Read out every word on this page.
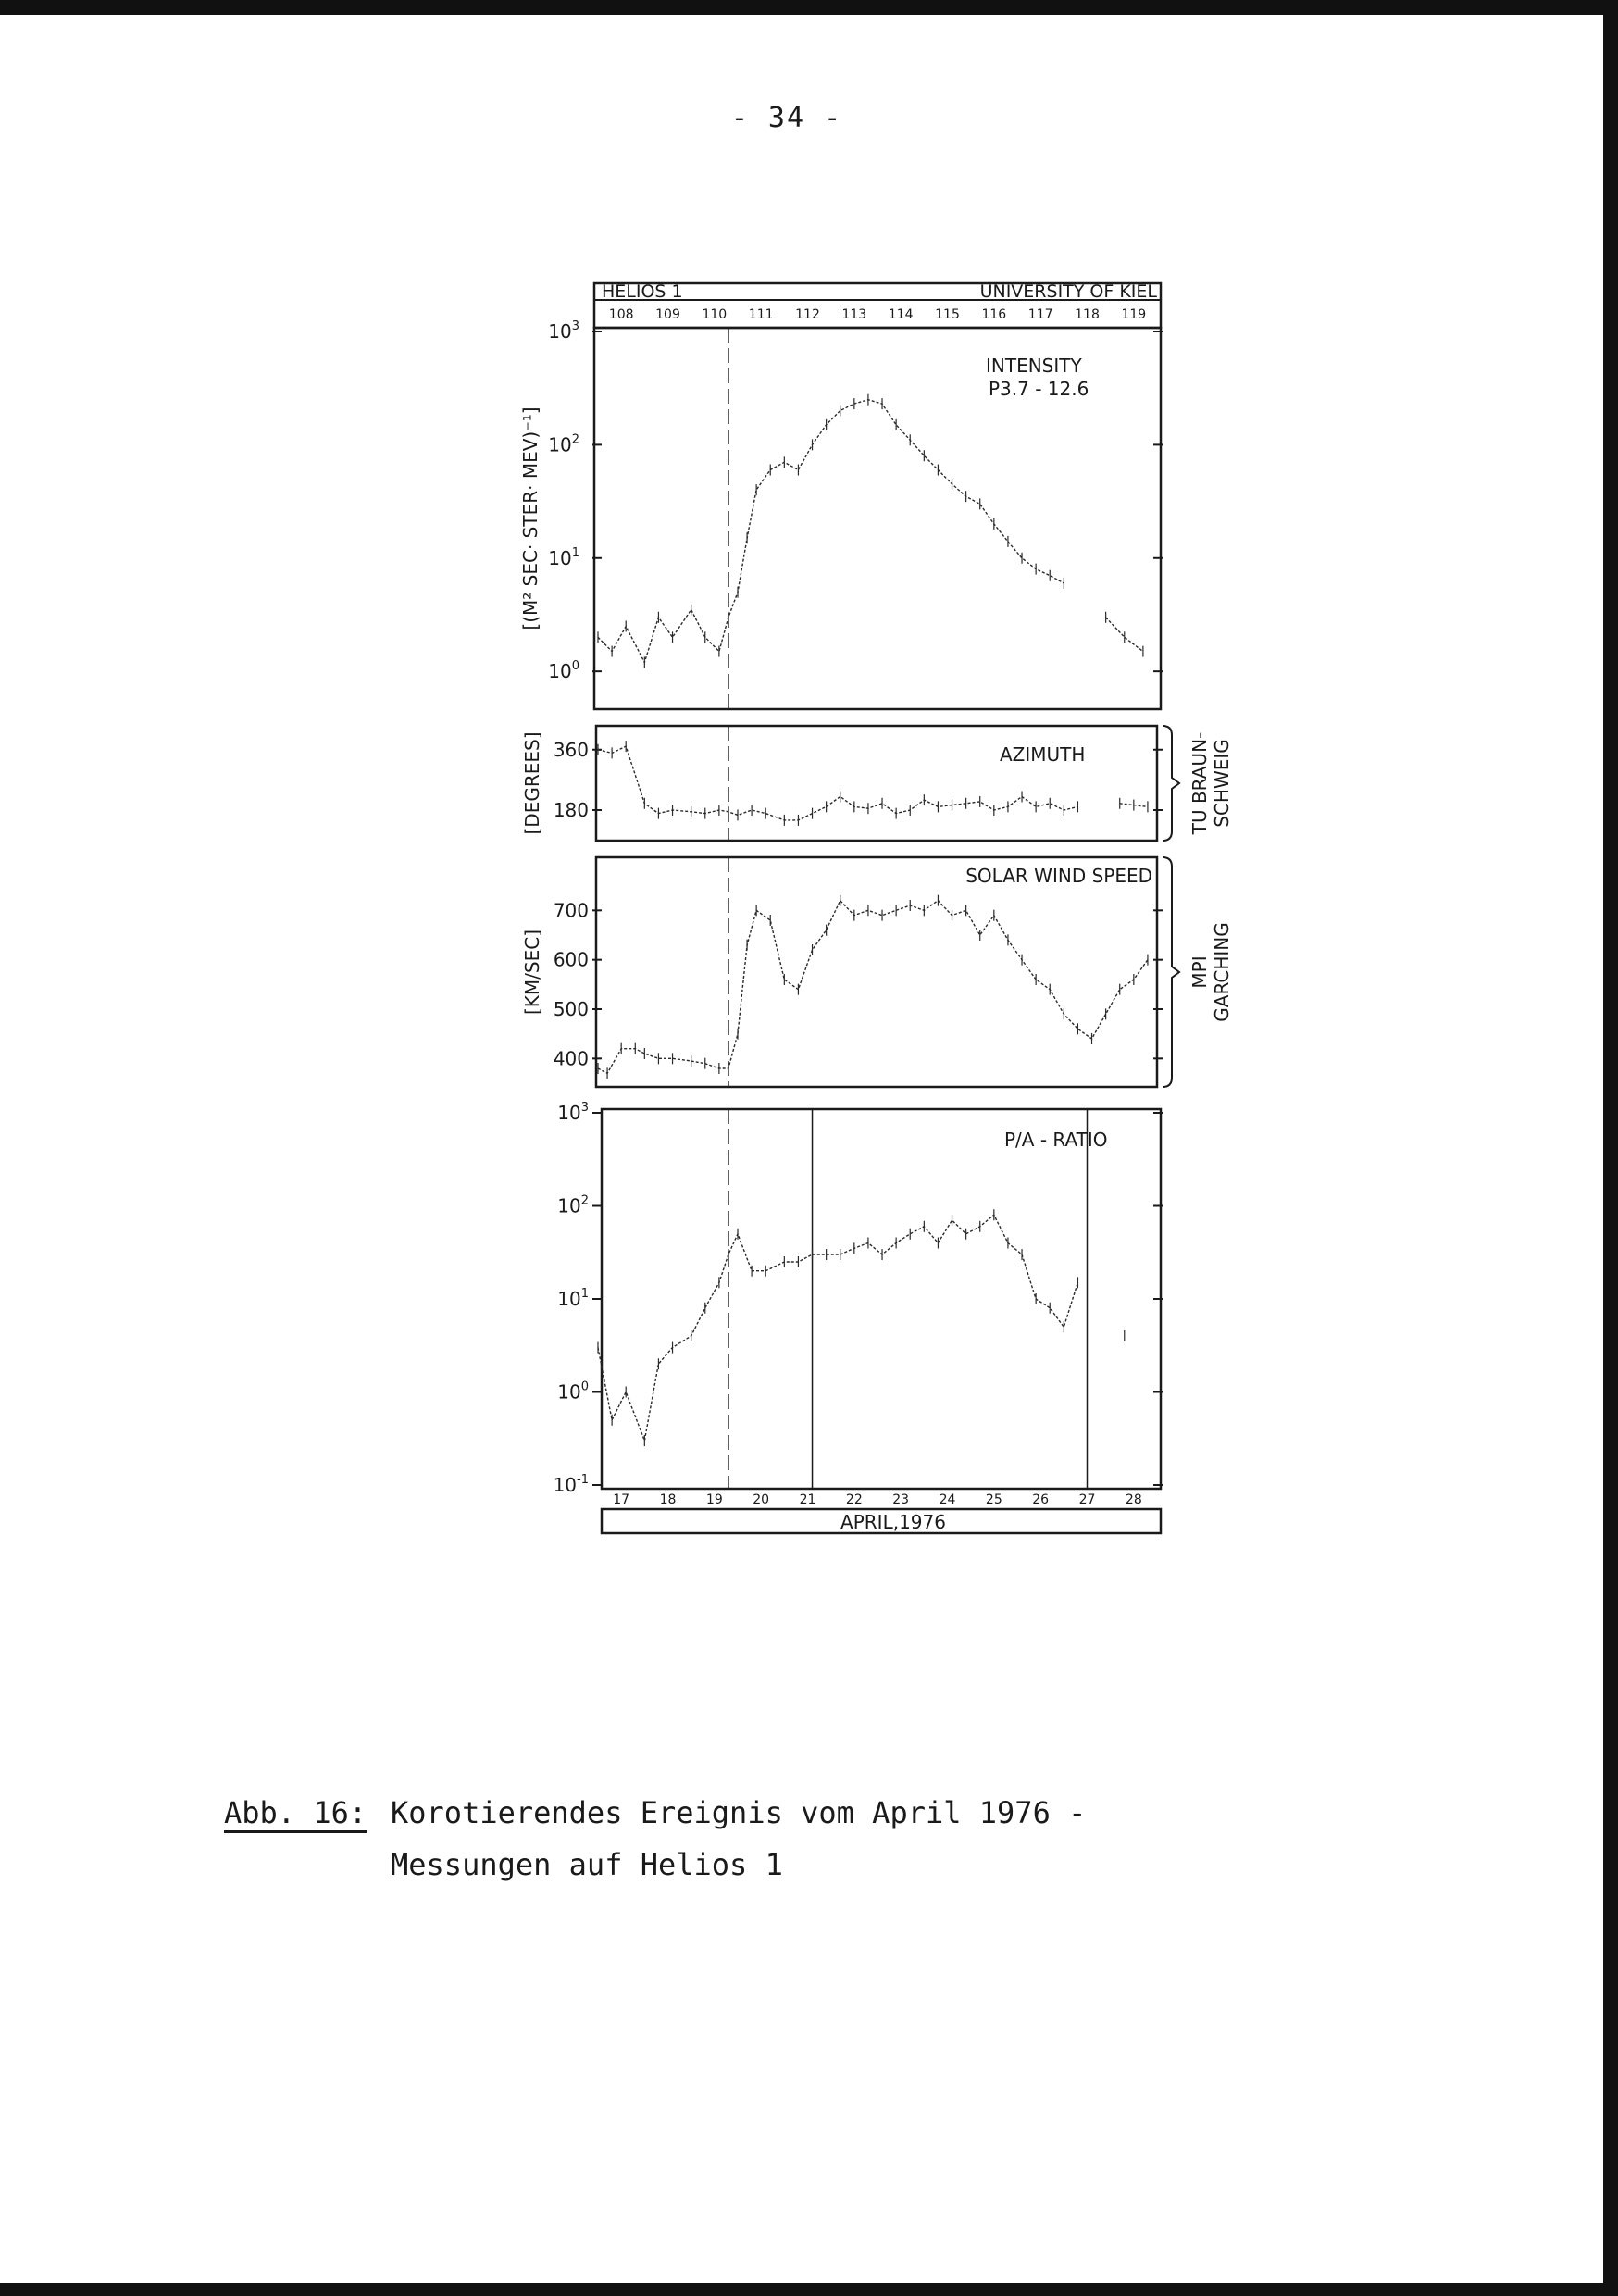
- 34 -
HELIOS 1	UNIVERSITY OF KIEL
108 109 110 111 112 113 114 115 116 117 118 119
INTENSITY
P3.7 - 12.6
[(M² SEC· STER· MEV)⁻¹]
$10^3$
$10^2$
$10^1$
$10^0$
AZIMUTH
[DEGREES] 360
180	TU BRAUN- SCHWEIG
SOLAR WIND SPEED
[KM/SEC]
700
600
500
400
MPI GARCHING
P/A - RATIO
$10^3$
$10^2$
$10^1$
$10^0$
$10^{-1}$
17 18 19 20 21 22 23 24 25 26 27 28
APRIL,1976
Abb. 16: Korotierendes Ereignis vom April 1976 -
Messungen auf Helios 1
